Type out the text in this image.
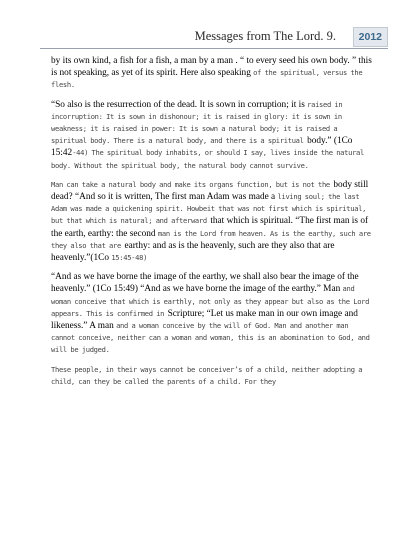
Messages from The Lord. 9.	2012

by its own kind, a fish for a fish, a man by a man . “ to every seed his own body. ” this is not speaking, as yet of its spirit. Here also speaking of the spiritual, versus the flesh.

“So also is the resurrection of the dead. It is sown in corruption; it is raised in incorruption: It is sown in dishonour; it is raised in glory: it is sown in weakness; it is raised in power: It is sown a natural body; it is raised a spiritual body. There is a natural body, and there is a spiritual body.” (1Co 15:42-44) The spiritual body inhabits, or should I say, lives inside the natural body. Without the spiritual body, the natural body cannot survive.

Man can take a natural body and make its organs function, but is not the body still dead? “And so it is written, The first man Adam was made a living soul; the last Adam was made a quickening spirit. Howbeit that was not first which is spiritual, but that which is natural; and afterward that which is spiritual. “The first man is of the earth, earthy: the second man is the Lord from heaven. As is the earthy, such are they also that are earthy: and as is the heavenly, such are they also that are heavenly.”(1Co 15:45-48)

“And as we have borne the image of the earthy, we shall also bear the image of the heavenly.” (1Co 15:49) “And as we have borne the image of the earthy.” Man and woman conceive that which is earthly, not only as they appear but also as the Lord appears. This is confirmed in Scripture; “Let us make man in our own image and likeness.” A man and a woman conceive by the will of God. Man and another man cannot conceive, neither can a woman and woman, this is an abomination to God, and will be judged.

These people, in their ways cannot be conceiver’s of a child, neither adopting a child, can they be called the parents of a child. For they
